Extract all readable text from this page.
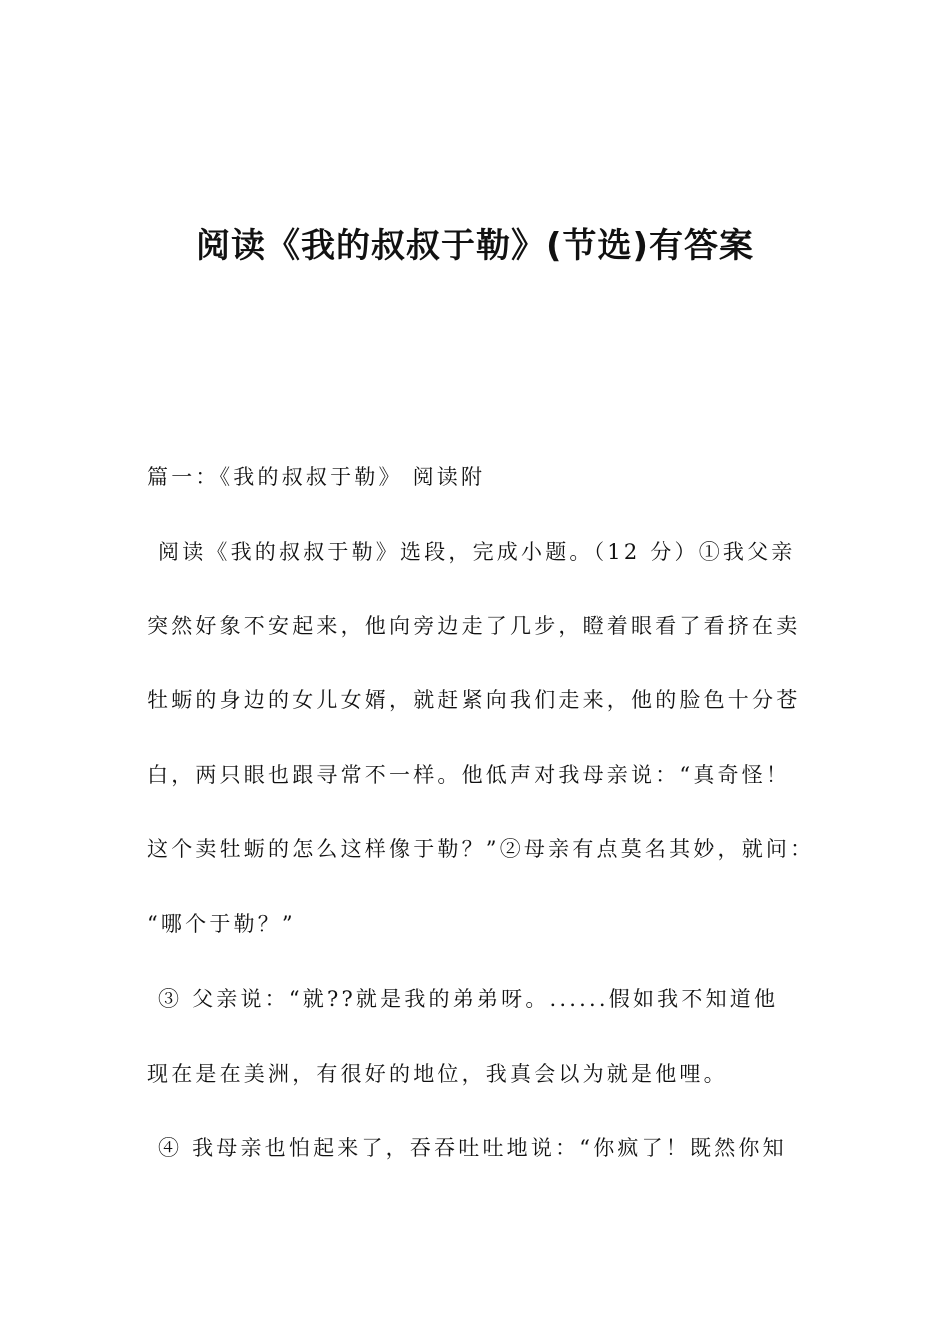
阅读《我的叔叔于勒》(节选)有答案
篇一：《我的叔叔于勒》 阅读附
阅读《我的叔叔于勒》选段，完成小题。（12 分）①我父亲
突然好象不安起来，他向旁边走了几步，瞪着眼看了看挤在卖
牡蛎的身边的女儿女婿，就赶紧向我们走来，他的脸色十分苍
白，两只眼也跟寻常不一样。他低声对我母亲说：“真奇怪！
这个卖牡蛎的怎么这样像于勒？”②母亲有点莫名其妙，就问：
“哪个于勒？”
③ 父亲说：“就??就是我的弟弟呀。......假如我不知道他
现在是在美洲，有很好的地位，我真会以为就是他哩。
④ 我母亲也怕起来了，吞吞吐吐地说：“你疯了！既然你知
